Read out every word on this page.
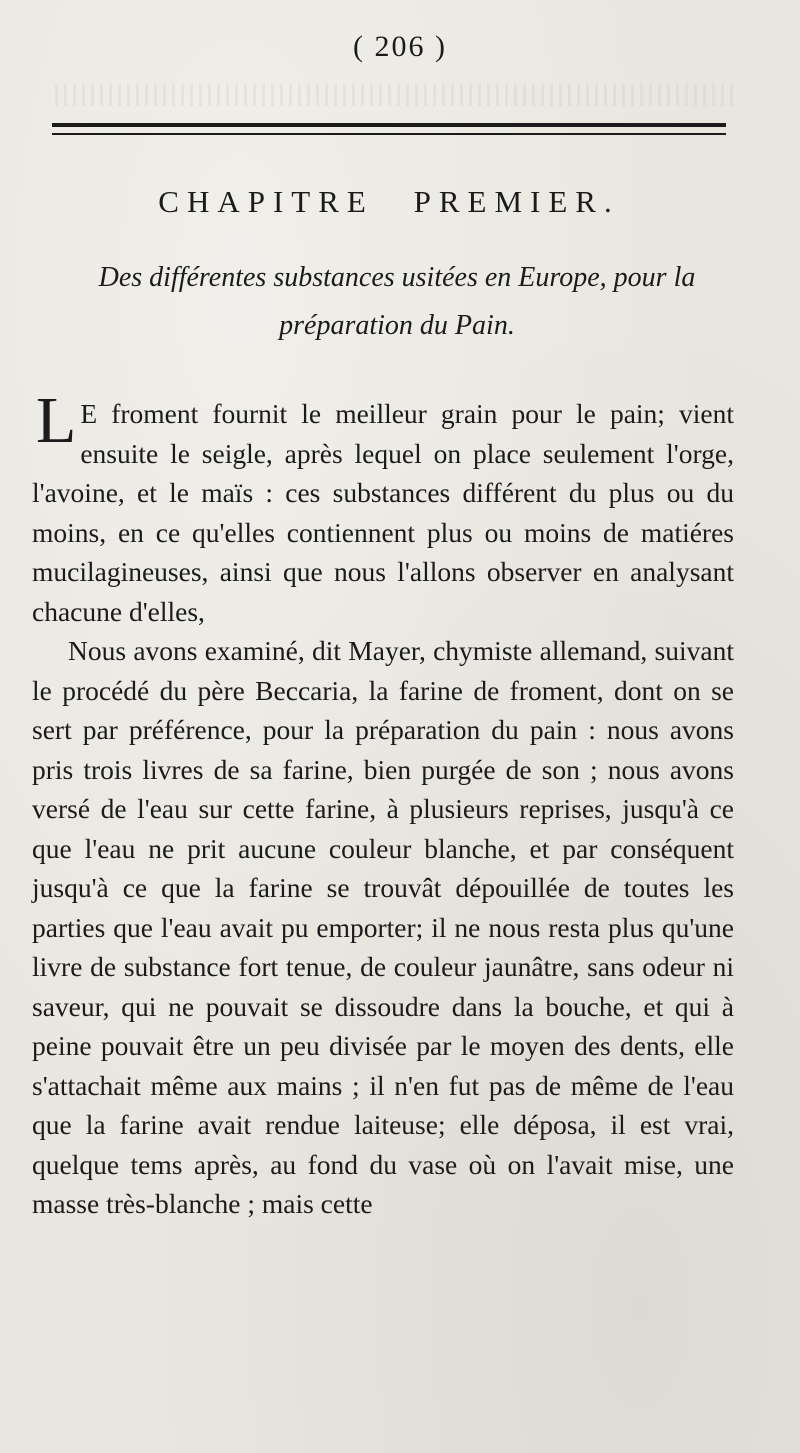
( 206 )
CHAPITRE PREMIER.
Des différentes substances usitées en Europe, pour la préparation du Pain.

L E froment fournit le meilleur grain pour le pain; vient ensuite le seigle, après lequel on place seulement l'orge, l'avoine, et le maïs : ces substances différent du plus ou du moins, en ce qu'elles contiennent plus ou moins de matiéres mucilagineuses, ainsi que nous l'allons observer en analysant chacune d'elles,

Nous avons examiné, dit Mayer, chymiste allemand, suivant le procédé du père Beccaria, la farine de froment, dont on se sert par préférence, pour la préparation du pain : nous avons pris trois livres de sa farine, bien purgée de son ; nous avons versé de l'eau sur cette farine, à plusieurs reprises, jusqu'à ce que l'eau ne prit aucune couleur blanche, et par conséquent jusqu'à ce que la farine se trouvât dépouillée de toutes les parties que l'eau avait pu emporter; il ne nous resta plus qu'une livre de substance fort tenue, de couleur jaunâtre, sans odeur ni saveur, qui ne pouvait se dissoudre dans la bouche, et qui à peine pouvait être un peu divisée par le moyen des dents, elle s'attachait même aux mains ; il n'en fut pas de même de l'eau que la farine avait rendue laiteuse; elle déposa, il est vrai, quelque tems après, au fond du vase où on l'avait mise, une masse très-blanche ; mais cette
